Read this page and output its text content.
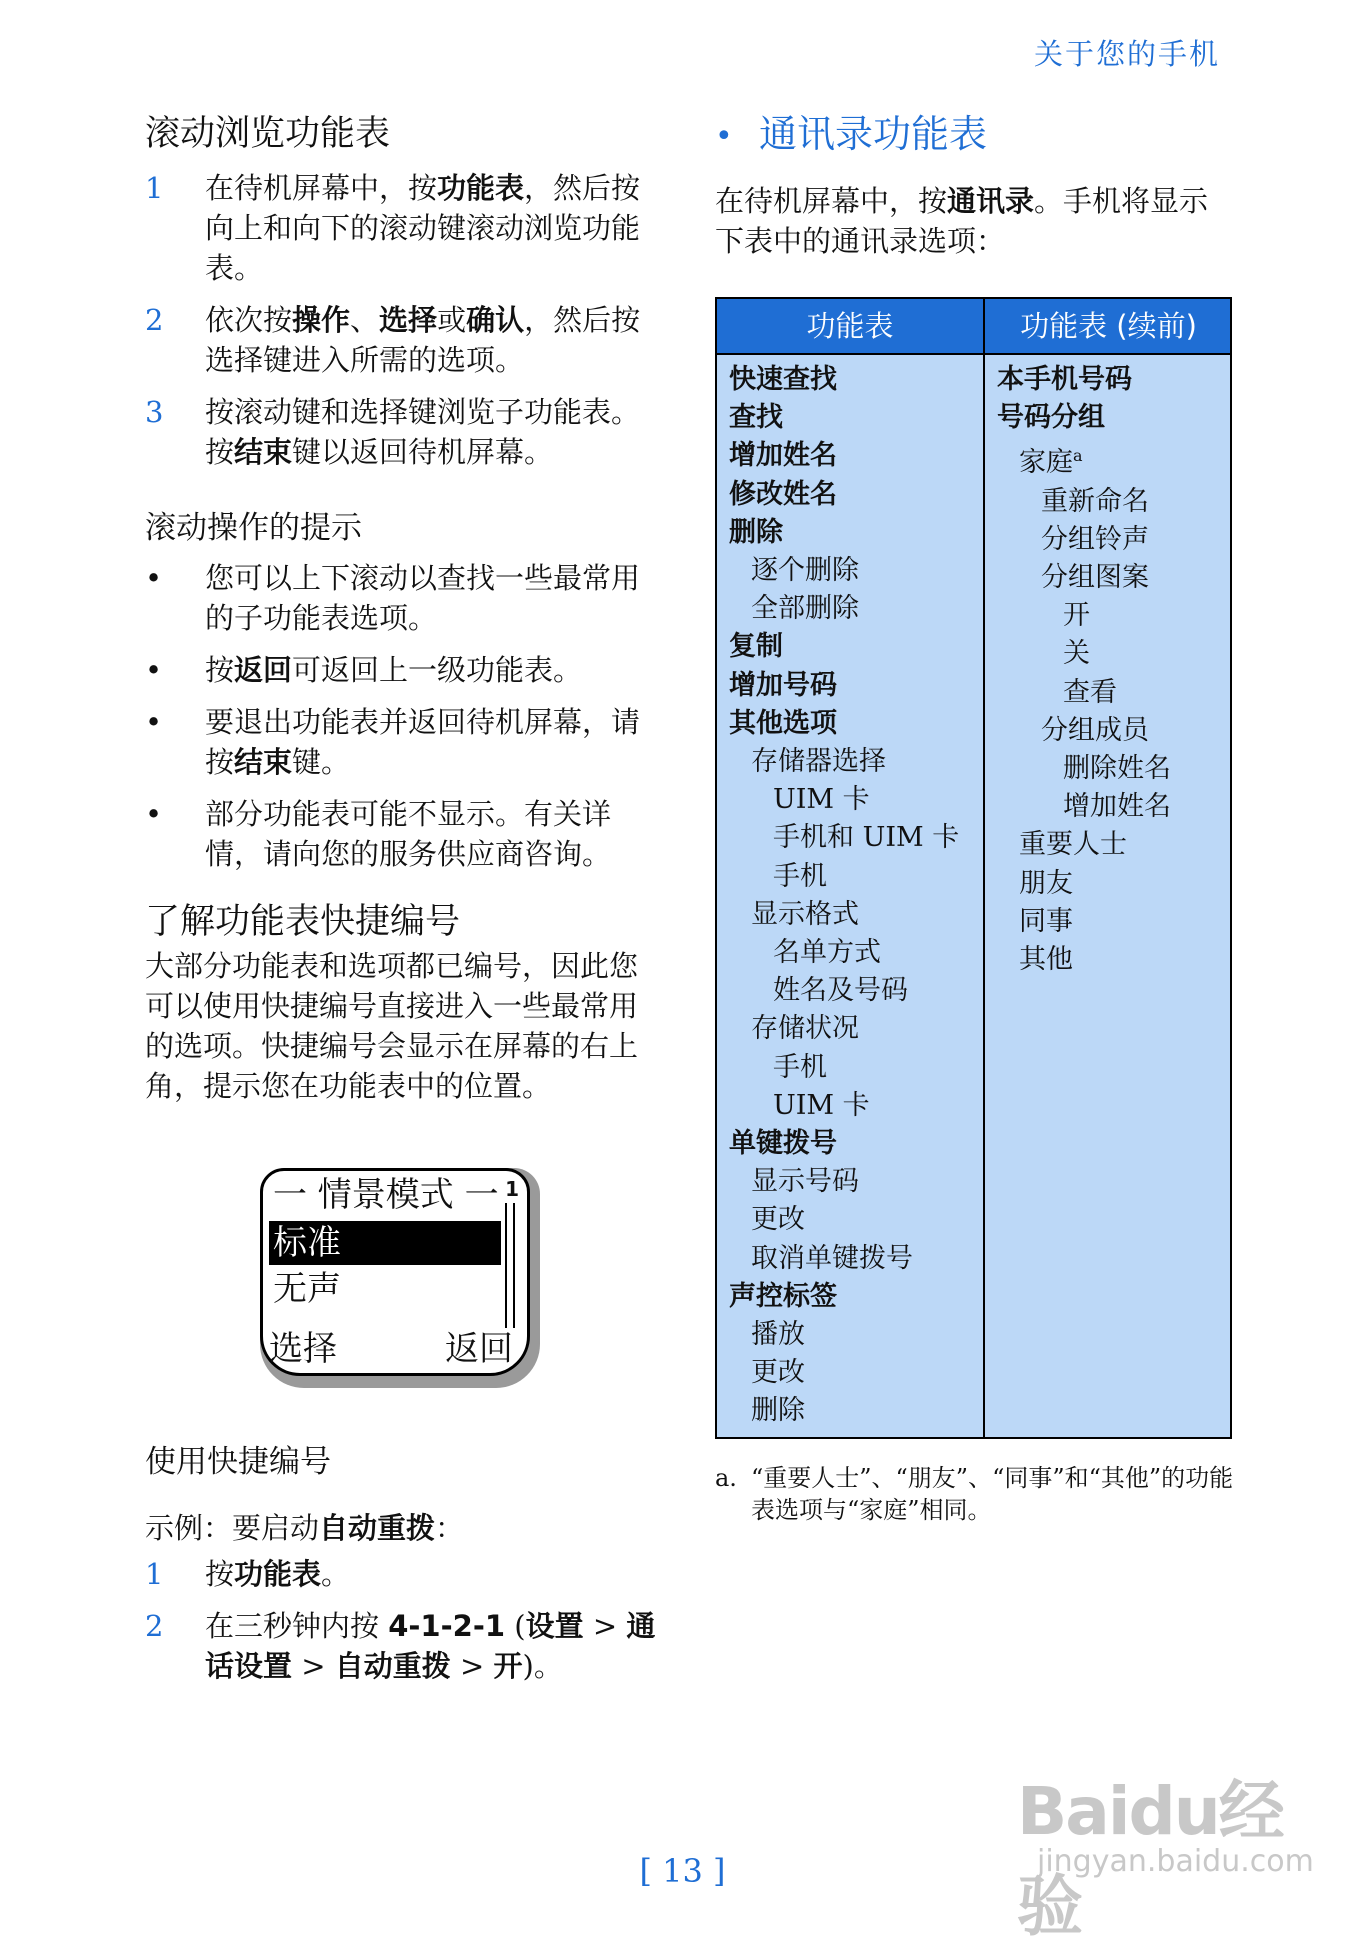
关于您的手机
滚动浏览功能表
1 在待机屏幕中，按功能表，然后按向上和向下的滚动键滚动浏览功能表。
2 依次按操作、选择或确认，然后按选择键进入所需的选项。
3 按滚动键和选择键浏览子功能表。按结束键以返回待机屏幕。
滚动操作的提示
• 您可以上下滚动以查找一些最常用的子功能表选项。
• 按返回可返回上一级功能表。
• 要退出功能表并返回待机屏幕，请按结束键。
• 部分功能表可能不显示。有关详情，请向您的服务供应商咨询。
了解功能表快捷编号

大部分功能表和选项都已编号，因此您可以使用快捷编号直接进入一些最常用的选项。快捷编号会显示在屏幕的右上角，提示您在功能表中的位置。

一 情景模式 一 1
标准
无声
选择	返回
使用快捷编号

示例：要启动自动重拨：

1 按功能表。
2 在三秒钟内按 4-1-2-1 (设置 > 通话设置 > 自动重拨 > 开)。
• 通讯录功能表

在待机屏幕中，按通讯录。手机将显示下表中的通讯录选项：

功能表	功能表 (续前)
快速查找
查找
增加姓名
修改姓名
删除
逐个删除
全部删除
复制
增加号码
其他选项
存储器选择
UIM 卡
手机和 UIM 卡
手机
显示格式
名单方式
姓名及号码
存储状况
手机
UIM 卡
单键拨号
显示号码
更改
取消单键拨号
声控标签
播放
更改
删除
本手机号码
号码分组
家庭$^a$
重新命名
分组铃声
分组图案
开
关
查看
分组成员
删除姓名
增加姓名
重要人士
朋友
同事
其他
a. “重要人士”、“朋友”、“同事”和“其他”的功能表选项与“家庭”相同。
[ 13 ]
Baidu经验
jingyan.baidu.com
